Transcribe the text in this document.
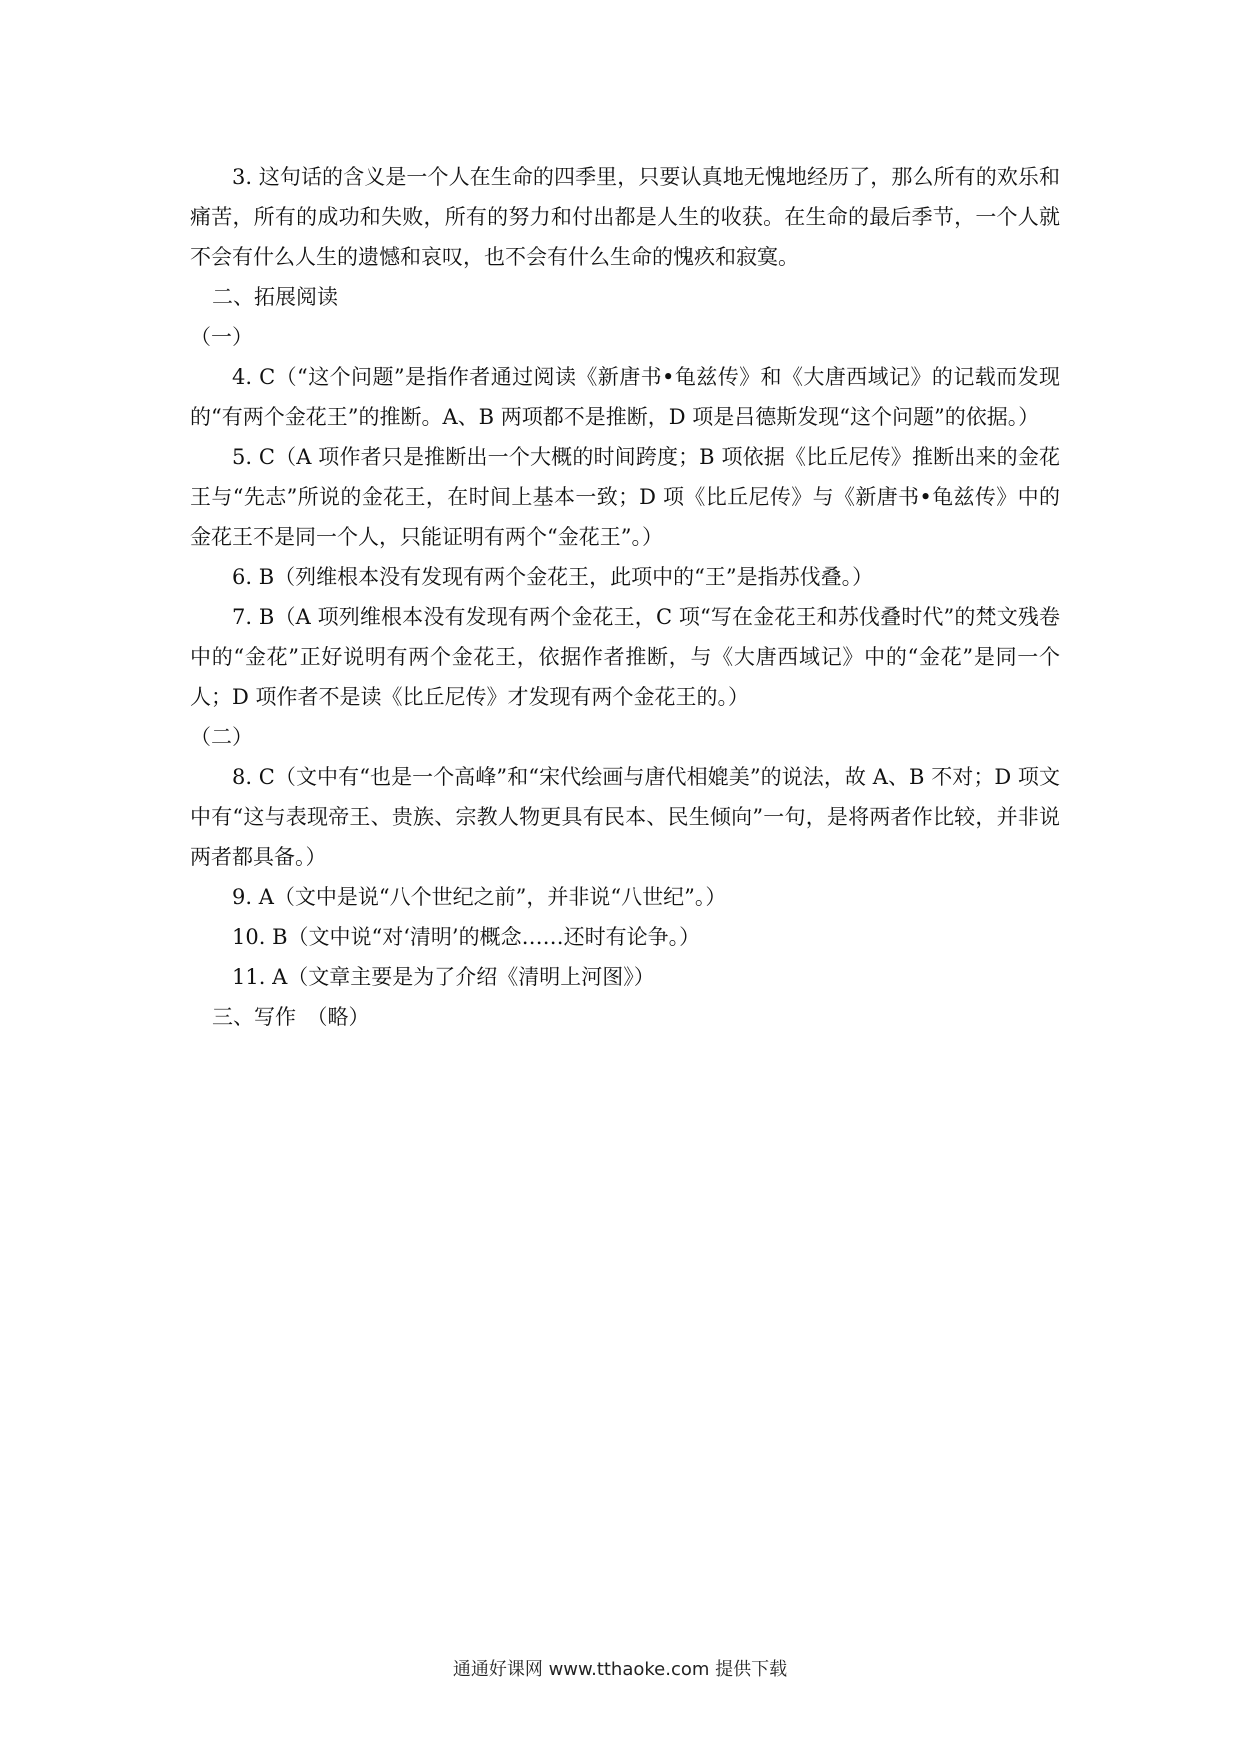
3. 这句话的含义是一个人在生命的四季里，只要认真地无愧地经历了，那么所有的欢乐和痛苦，所有的成功和失败，所有的努力和付出都是人生的收获。在生命的最后季节，一个人就不会有什么人生的遗憾和哀叹，也不会有什么生命的愧疚和寂寞。

二、拓展阅读

（一）

4. C（“这个问题”是指作者通过阅读《新唐书•龟兹传》和《大唐西域记》的记载而发现的“有两个金花王”的推断。A、B 两项都不是推断，D 项是吕德斯发现“这个问题”的依据。）

5. C（A 项作者只是推断出一个大概的时间跨度；B 项依据《比丘尼传》推断出来的金花王与“先志”所说的金花王，在时间上基本一致；D 项《比丘尼传》与《新唐书•龟兹传》中的金花王不是同一个人，只能证明有两个“金花王”。）

6. B（列维根本没有发现有两个金花王，此项中的“王”是指苏伐叠。）

7. B（A 项列维根本没有发现有两个金花王，C 项“写在金花王和苏伐叠时代”的梵文残卷中的“金花”正好说明有两个金花王，依据作者推断，与《大唐西域记》中的“金花”是同一个人；D 项作者不是读《比丘尼传》才发现有两个金花王的。）

（二）

8. C（文中有“也是一个高峰”和“宋代绘画与唐代相媲美”的说法，故 A、B 不对；D 项文中有“这与表现帝王、贵族、宗教人物更具有民本、民生倾向”一句，是将两者作比较，并非说两者都具备。）

9. A（文中是说“八个世纪之前”，并非说“八世纪”。）

10. B（文中说“对‘清明’的概念……还时有论争。）

11. A（文章主要是为了介绍《清明上河图》）

三、写作　（略）

通通好课网 www.tthaoke.com 提供下载
